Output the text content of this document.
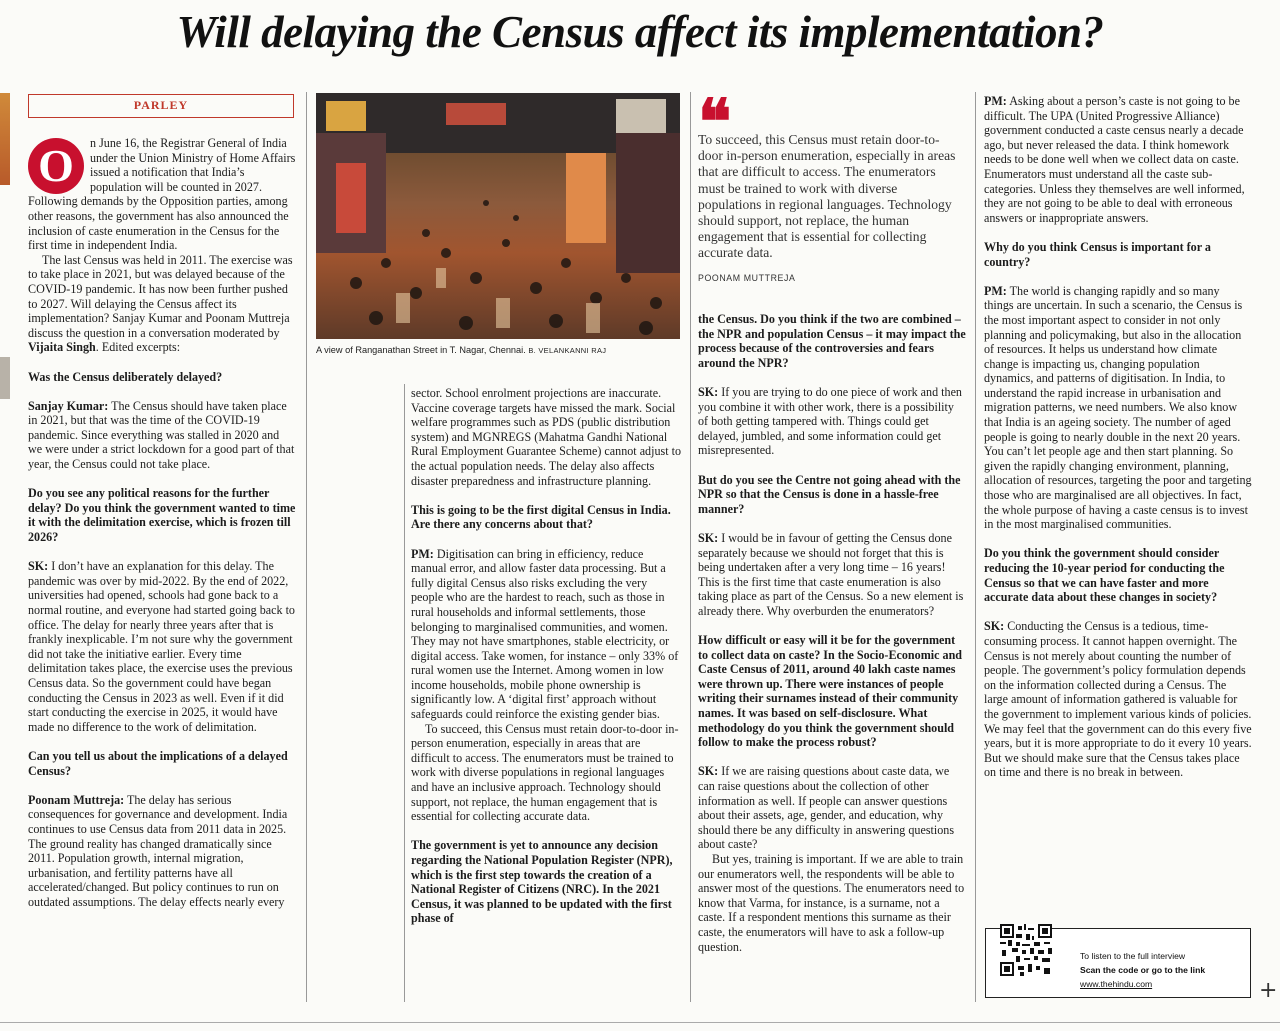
Will delaying the Census affect its implementation?
PARLEY
O	n June 16, the Registrar General of India under the Union Ministry of Home Affairs issued a notification that India’s population will be counted in 2027. Following demands by the Opposition parties, among other reasons, the government has also announced the inclusion of caste enumeration in the Census for the first time in independent India.

The last Census was held in 2011. The exercise was to take place in 2021, but was delayed because of the COVID-19 pandemic. It has now been further pushed to 2027. Will delaying the Census affect its implementation? Sanjay Kumar and Poonam Muttreja discuss the question in a conversation moderated by Vijaita Singh. Edited excerpts:

Was the Census deliberately delayed?

Sanjay Kumar: The Census should have taken place in 2021, but that was the time of the COVID-19 pandemic. Since everything was stalled in 2020 and we were under a strict lockdown for a good part of that year, the Census could not take place.

Do you see any political reasons for the further delay? Do you think the government wanted to time it with the delimitation exercise, which is frozen till 2026?

SK: I don’t have an explanation for this delay. The pandemic was over by mid-2022. By the end of 2022, universities had opened, schools had gone back to a normal routine, and everyone had started going back to office. The delay for nearly three years after that is frankly inexplicable. I’m not sure why the government did not take the initiative earlier. Every time delimitation takes place, the exercise uses the previous Census data. So the government could have began conducting the Census in 2023 as well. Even if it did start conducting the exercise in 2025, it would have made no difference to the work of delimitation.

Can you tell us about the implications of a delayed Census?

Poonam Muttreja: The delay has serious consequences for governance and development. India continues to use Census data from 2011 data in 2025. The ground reality has changed dramatically since 2011. Population growth, internal migration, urbanisation, and fertility patterns have all accelerated/changed. But policy continues to run on outdated assumptions. The delay effects nearly every

A view of Ranganathan Street in T. Nagar, Chennai. B. VELANKANNI RAJ

sector. School enrolment projections are inaccurate. Vaccine coverage targets have missed the mark. Social welfare programmes such as PDS (public distribution system) and MGNREGS (Mahatma Gandhi National Rural Employment Guarantee Scheme) cannot adjust to the actual population needs. The delay also affects disaster preparedness and infrastructure planning.

This is going to be the first digital Census in India. Are there any concerns about that?

PM: Digitisation can bring in efficiency, reduce manual error, and allow faster data processing. But a fully digital Census also risks excluding the very people who are the hardest to reach, such as those in rural households and informal settlements, those belonging to marginalised communities, and women. They may not have smartphones, stable electricity, or digital access. Take women, for instance – only 33% of rural women use the Internet. Among women in low income households, mobile phone ownership is significantly low. A ‘digital first’ approach without safeguards could reinforce the existing gender bias.

To succeed, this Census must retain door-to-door in-person enumeration, especially in areas that are difficult to access. The enumerators must be trained to work with diverse populations in regional languages and have an inclusive approach. Technology should support, not replace, the human engagement that is essential for collecting accurate data.

The government is yet to announce any decision regarding the National Population Register (NPR), which is the first step towards the creation of a National Register of Citizens (NRC). In the 2021 Census, it was planned to be updated with the first phase of

❝
To succeed, this Census must retain door-to-door in-person enumeration, especially in areas that are difficult to access. The enumerators must be trained to work with diverse populations in regional languages. Technology should support, not replace, the human engagement that is essential for collecting accurate data.
POONAM MUTTREJA

the Census. Do you think if the two are combined – the NPR and population Census – it may impact the process because of the controversies and fears around the NPR?

SK: If you are trying to do one piece of work and then you combine it with other work, there is a possibility of both getting tampered with. Things could get delayed, jumbled, and some information could get misrepresented.

But do you see the Centre not going ahead with the NPR so that the Census is done in a hassle-free manner?

SK: I would be in favour of getting the Census done separately because we should not forget that this is being undertaken after a very long time – 16 years! This is the first time that caste enumeration is also taking place as part of the Census. So a new element is already there. Why overburden the enumerators?

How difficult or easy will it be for the government to collect data on caste? In the Socio-Economic and Caste Census of 2011, around 40 lakh caste names were thrown up. There were instances of people writing their surnames instead of their community names. It was based on self-disclosure. What methodology do you think the government should follow to make the process robust?

SK: If we are raising questions about caste data, we can raise questions about the collection of other information as well. If people can answer questions about their assets, age, gender, and education, why should there be any difficulty in answering questions about caste?

But yes, training is important. If we are able to train our enumerators well, the respondents will be able to answer most of the questions. The enumerators need to know that Varma, for instance, is a surname, not a caste. If a respondent mentions this surname as their caste, the enumerators will have to ask a follow-up question.

PM: Asking about a person’s caste is not going to be difficult. The UPA (United Progressive Alliance) government conducted a caste census nearly a decade ago, but never released the data. I think homework needs to be done well when we collect data on caste. Enumerators must understand all the caste sub-categories. Unless they themselves are well informed, they are not going to be able to deal with erroneous answers or inappropriate answers.

Why do you think Census is important for a country?

PM: The world is changing rapidly and so many things are uncertain. In such a scenario, the Census is the most important aspect to consider in not only planning and policymaking, but also in the allocation of resources. It helps us understand how climate change is impacting us, changing population dynamics, and patterns of digitisation. In India, to understand the rapid increase in urbanisation and migration patterns, we need numbers. We also know that India is an ageing society. The number of aged people is going to nearly double in the next 20 years. You can’t let people age and then start planning. So given the rapidly changing environment, planning, allocation of resources, targeting the poor and targeting those who are marginalised are all objectives. In fact, the whole purpose of having a caste census is to invest in the most marginalised communities.

Do you think the government should consider reducing the 10-year period for conducting the Census so that we can have faster and more accurate data about these changes in society?

SK: Conducting the Census is a tedious, time-consuming process. It cannot happen overnight. The Census is not merely about counting the number of people. The government’s policy formulation depends on the information collected during a Census. The large amount of information gathered is valuable for the government to implement various kinds of policies. We may feel that the government can do this every five years, but it is more appropriate to do it every 10 years. But we should make sure that the Census takes place on time and there is no break in between.

To listen to the full interview
Scan the code or go to the link
www.thehindu.com	+
